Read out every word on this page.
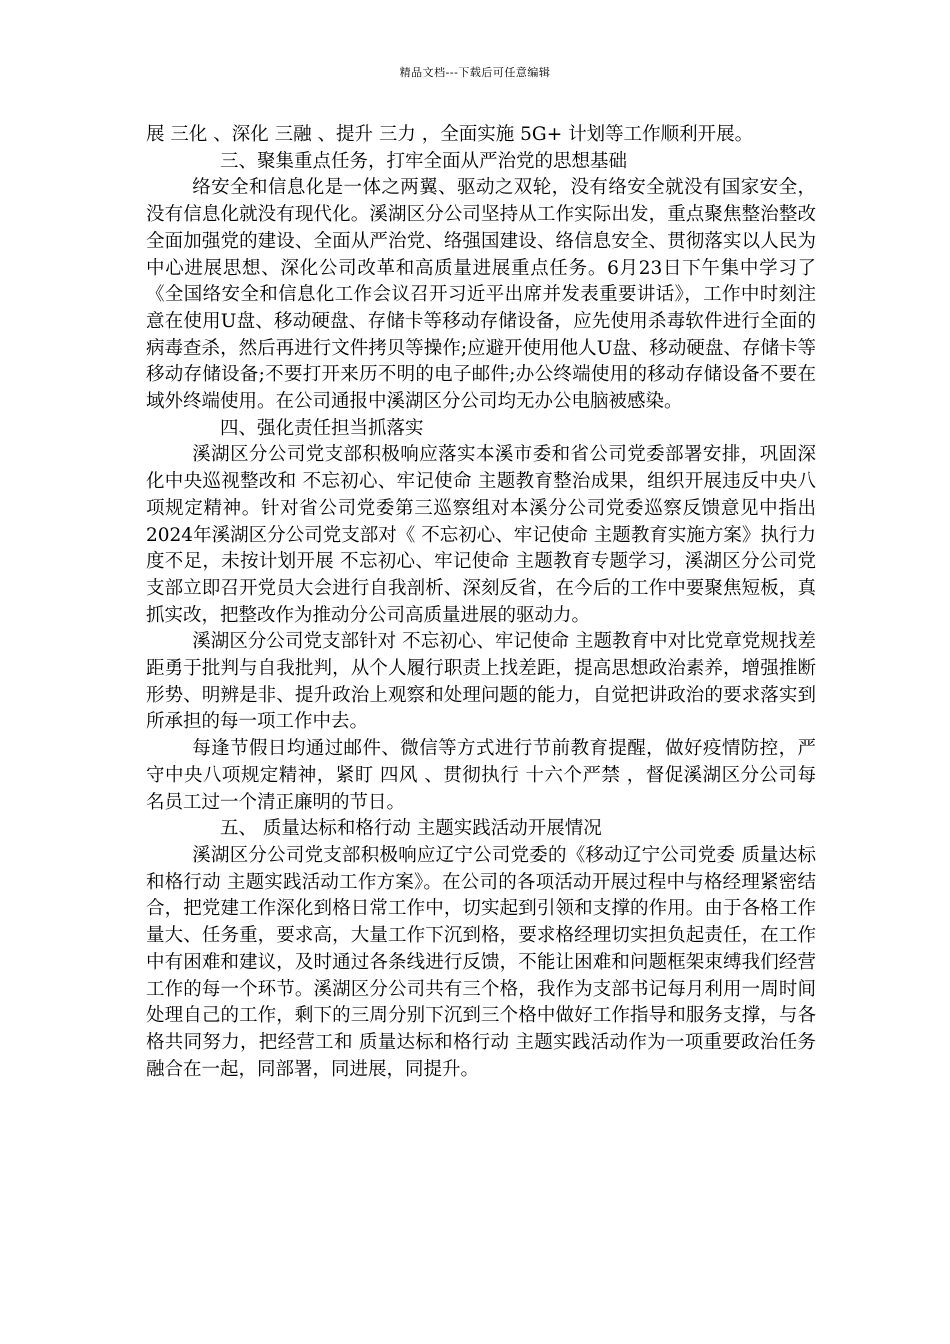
精品文档---下载后可任意编辑

展 三化 、深化 三融 、提升 三力 ，全面实施 5G+ 计划等工作顺利开展。

三、聚集重点任务，打牢全面从严治党的思想基础

络安全和信息化是一体之两翼、驱动之双轮，没有络安全就没有国家安全，没有信息化就没有现代化。溪湖区分公司坚持从工作实际出发，重点聚焦整治整改全面加强党的建设、全面从严治党、络强国建设、络信息安全、贯彻落实以人民为中心进展思想、深化公司改革和高质量进展重点任务。6月23日下午集中学习了《全国络安全和信息化工作会议召开习近平出席并发表重要讲话》，工作中时刻注意在使用U盘、移动硬盘、存储卡等移动存储设备，应先使用杀毒软件进行全面的病毒查杀，然后再进行文件拷贝等操作;应避开使用他人U盘、移动硬盘、存储卡等移动存储设备;不要打开来历不明的电子邮件;办公终端使用的移动存储设备不要在域外终端使用。在公司通报中溪湖区分公司均无办公电脑被感染。

四、强化责任担当抓落实

溪湖区分公司党支部积极响应落实本溪市委和省公司党委部署安排，巩固深化中央巡视整改和 不忘初心、牢记使命 主题教育整治成果，组织开展违反中央八项规定精神。针对省公司党委第三巡察组对本溪分公司党委巡察反馈意见中指出2024年溪湖区分公司党支部对《 不忘初心、牢记使命 主题教育实施方案》执行力度不足，未按计划开展 不忘初心、牢记使命 主题教育专题学习，溪湖区分公司党支部立即召开党员大会进行自我剖析、深刻反省，在今后的工作中要聚焦短板，真抓实改，把整改作为推动分公司高质量进展的驱动力。

溪湖区分公司党支部针对 不忘初心、牢记使命 主题教育中对比党章党规找差距勇于批判与自我批判，从个人履行职责上找差距，提高思想政治素养，增强推断形势、明辨是非、提升政治上观察和处理问题的能力，自觉把讲政治的要求落实到所承担的每一项工作中去。

每逢节假日均通过邮件、微信等方式进行节前教育提醒，做好疫情防控，严守中央八项规定精神，紧盯 四风 、贯彻执行 十六个严禁 ，督促溪湖区分公司每名员工过一个清正廉明的节日。

五、 质量达标和格行动 主题实践活动开展情况

溪湖区分公司党支部积极响应辽宁公司党委的《移动辽宁公司党委 质量达标和格行动 主题实践活动工作方案》。在公司的各项活动开展过程中与格经理紧密结合，把党建工作深化到格日常工作中，切实起到引领和支撑的作用。由于各格工作量大、任务重，要求高，大量工作下沉到格，要求格经理切实担负起责任，在工作中有困难和建议，及时通过各条线进行反馈，不能让困难和问题框架束缚我们经营工作的每一个环节。溪湖区分公司共有三个格，我作为支部书记每月利用一周时间处理自己的工作，剩下的三周分别下沉到三个格中做好工作指导和服务支撑，与各格共同努力，把经营工和 质量达标和格行动 主题实践活动作为一项重要政治任务融合在一起，同部署，同进展，同提升。
